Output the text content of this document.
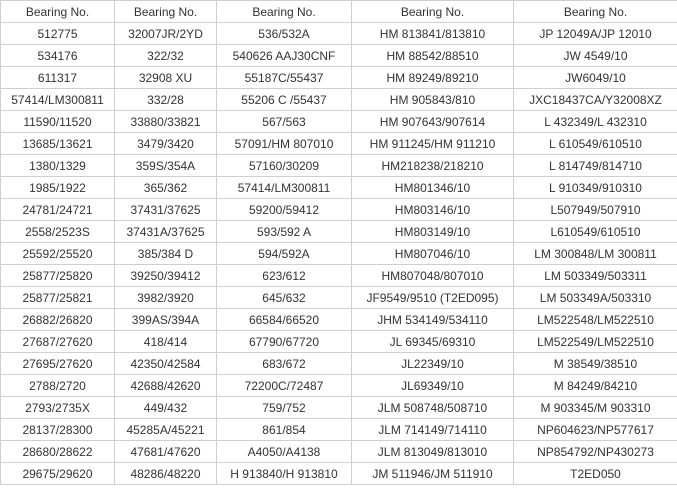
Bearing No.	Bearing No.	Bearing No.	Bearing No.	Bearing No.
512775	32007JR/2YD	536/532A	HM 813841/813810	JP 12049A/JP 12010
534176	322/32	540626 AAJ30CNF	HM 88542/88510	JW 4549/10
611317	32908 XU	55187C/55437	HM 89249/89210	JW6049/10
57414/LM300811	332/28	55206 C /55437	HM 905843/810	JXC18437CA/Y32008XZ
11590/11520	33880/33821	567/563	HM 907643/907614	L 432349/L 432310
13685/13621	3479/3420	57091/HM 807010	HM 911245/HM 911210	L 610549/610510
1380/1329	359S/354A	57160/30209	HM218238/218210	L 814749/814710
1985/1922	365/362	57414/LM300811	HM801346/10	L 910349/910310
24781/24721	37431/37625	59200/59412	HM803146/10	L507949/507910
2558/2523S	37431A/37625	593/592 A	HM803149/10	L610549/610510
25592/25520	385/384 D	594/592A	HM807046/10	LM 300848/LM 300811
25877/25820	39250/39412	623/612	HM807048/807010	LM 503349/503311
25877/25821	3982/3920	645/632	JF9549/9510 (T2ED095)	LM 503349A/503310
26882/26820	399AS/394A	66584/66520	JHM 534149/534110	LM522548/LM522510
27687/27620	418/414	67790/67720	JL 69345/69310	LM522549/LM522510
27695/27620	42350/42584	683/672	JL22349/10	M 38549/38510
2788/2720	42688/42620	72200C/72487	JL69349/10	M 84249/84210
2793/2735X	449/432	759/752	JLM 508748/508710	M 903345/M 903310
28137/28300	45285A/45221	861/854	JLM 714149/714110	NP604623/NP577617
28680/28622	47681/47620	A4050/A4138	JLM 813049/813010	NP854792/NP430273
29675/29620	48286/48220	H 913840/H 913810	JM 511946/JM 511910	T2ED050
